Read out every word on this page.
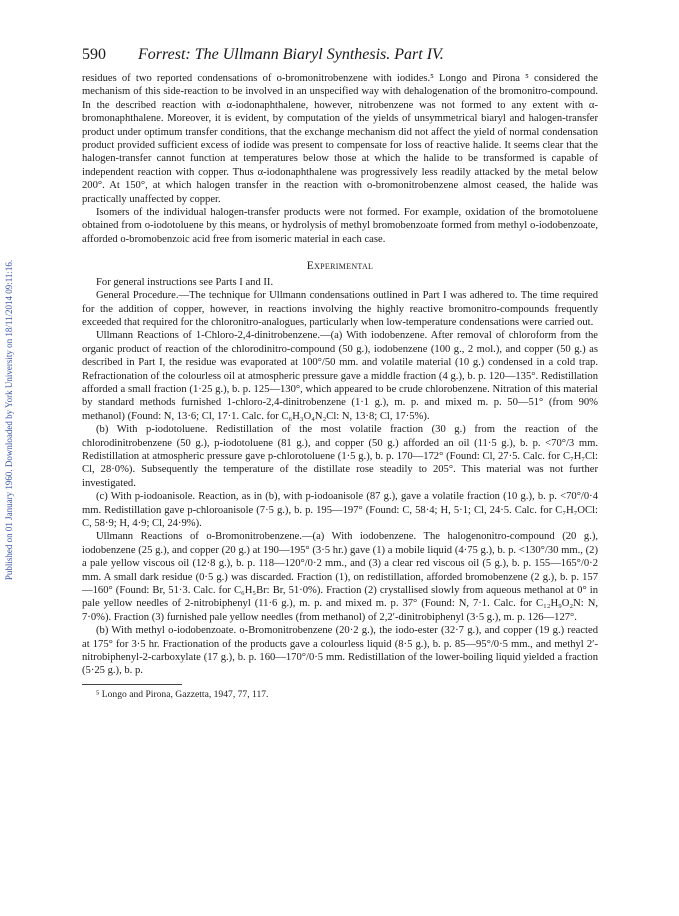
Published on 01 January 1960. Downloaded by York University on 18/11/2014 09:11:16.
590 Forrest: The Ullmann Biaryl Synthesis. Part IV.

residues of two reported condensations of o-bromonitrobenzene with iodides.⁵ Longo and Pirona ⁵ considered the mechanism of this side-reaction to be involved in an unspecified way with dehalogenation of the bromonitro-compound. In the described reaction with α-iodonaphthalene, however, nitrobenzene was not formed to any extent with α-bromonaphthalene. Moreover, it is evident, by computation of the yields of unsymmetrical biaryl and halogen-transfer product under optimum transfer conditions, that the exchange mechanism did not affect the yield of normal condensation product provided sufficient excess of iodide was present to compensate for loss of reactive halide. It seems clear that the halogen-transfer cannot function at temperatures below those at which the halide to be transformed is capable of independent reaction with copper. Thus α-iodonaphthalene was progressively less readily attacked by the metal below 200°. At 150°, at which halogen transfer in the reaction with o-bromonitrobenzene almost ceased, the halide was practically unaffected by copper.

Isomers of the individual halogen-transfer products were not formed. For example, oxidation of the bromotoluene obtained from o-iodotoluene by this means, or hydrolysis of methyl bromobenzoate formed from methyl o-iodobenzoate, afforded o-bromobenzoic acid free from isomeric material in each case.

Experimental

For general instructions see Parts I and II.

General Procedure.—The technique for Ullmann condensations outlined in Part I was adhered to. The time required for the addition of copper, however, in reactions involving the highly reactive bromonitro-compounds frequently exceeded that required for the chloronitro-analogues, particularly when low-temperature condensations were carried out.

Ullmann Reactions of 1-Chloro-2,4-dinitrobenzene.—(a) With iodobenzene. After removal of chloroform from the organic product of reaction of the chlorodinitro-compound (50 g.), iodobenzene (100 g., 2 mol.), and copper (50 g.) as described in Part I, the residue was evaporated at 100°/50 mm. and volatile material (10 g.) condensed in a cold trap. Refractionation of the colourless oil at atmospheric pressure gave a middle fraction (4 g.), b. p. 120—135°. Redistillation afforded a small fraction (1·25 g.), b. p. 125—130°, which appeared to be crude chlorobenzene. Nitration of this material by standard methods furnished 1-chloro-2,4-dinitrobenzene (1·1 g.), m. p. and mixed m. p. 50—51° (from 90% methanol) (Found: N, 13·6; Cl, 17·1. Calc. for C₆H₃O₄N₂Cl: N, 13·8; Cl, 17·5%).

(b) With p-iodotoluene. Redistillation of the most volatile fraction (30 g.) from the reaction of the chlorodinitrobenzene (50 g.), p-iodotoluene (81 g.), and copper (50 g.) afforded an oil (11·5 g.), b. p. <70°/3 mm. Redistillation at atmospheric pressure gave p-chlorotoluene (1·5 g.), b. p. 170—172° (Found: Cl, 27·5. Calc. for C₇H₇Cl: Cl, 28·0%). Subsequently the temperature of the distillate rose steadily to 205°. This material was not further investigated.

(c) With p-iodoanisole. Reaction, as in (b), with p-iodoanisole (87 g.), gave a volatile fraction (10 g.), b. p. <70°/0·4 mm. Redistillation gave p-chloroanisole (7·5 g.), b. p. 195—197° (Found: C, 58·4; H, 5·1; Cl, 24·5. Calc. for C₇H₇OCl: C, 58·9; H, 4·9; Cl, 24·9%).

Ullmann Reactions of o-Bromonitrobenzene.—(a) With iodobenzene. The halogenonitro-compound (20 g.), iodobenzene (25 g.), and copper (20 g.) at 190—195° (3·5 hr.) gave (1) a mobile liquid (4·75 g.), b. p. <130°/30 mm., (2) a pale yellow viscous oil (12·8 g.), b. p. 118—120°/0·2 mm., and (3) a clear red viscous oil (5 g.), b. p. 155—165°/0·2 mm. A small dark residue (0·5 g.) was discarded. Fraction (1), on redistillation, afforded bromobenzene (2 g.), b. p. 157—160° (Found: Br, 51·3. Calc. for C₆H₅Br: Br, 51·0%). Fraction (2) crystallised slowly from aqueous methanol at 0° in pale yellow needles of 2-nitrobiphenyl (11·6 g.), m. p. and mixed m. p. 37° (Found: N, 7·1. Calc. for C₁₂H₉O₂N: N, 7·0%). Fraction (3) furnished pale yellow needles (from methanol) of 2,2′-dinitrobiphenyl (3·5 g.), m. p. 126—127°.

(b) With methyl o-iodobenzoate. o-Bromonitrobenzene (20·2 g.), the iodo-ester (32·7 g.), and copper (19 g.) reacted at 175° for 3·5 hr. Fractionation of the products gave a colourless liquid (8·5 g.), b. p. 85—95°/0·5 mm., and methyl 2′-nitrobiphenyl-2-carboxylate (17 g.), b. p. 160—170°/0·5 mm. Redistillation of the lower-boiling liquid yielded a fraction (5·25 g.), b. p.

⁵ Longo and Pirona, Gazzetta, 1947, 77, 117.
